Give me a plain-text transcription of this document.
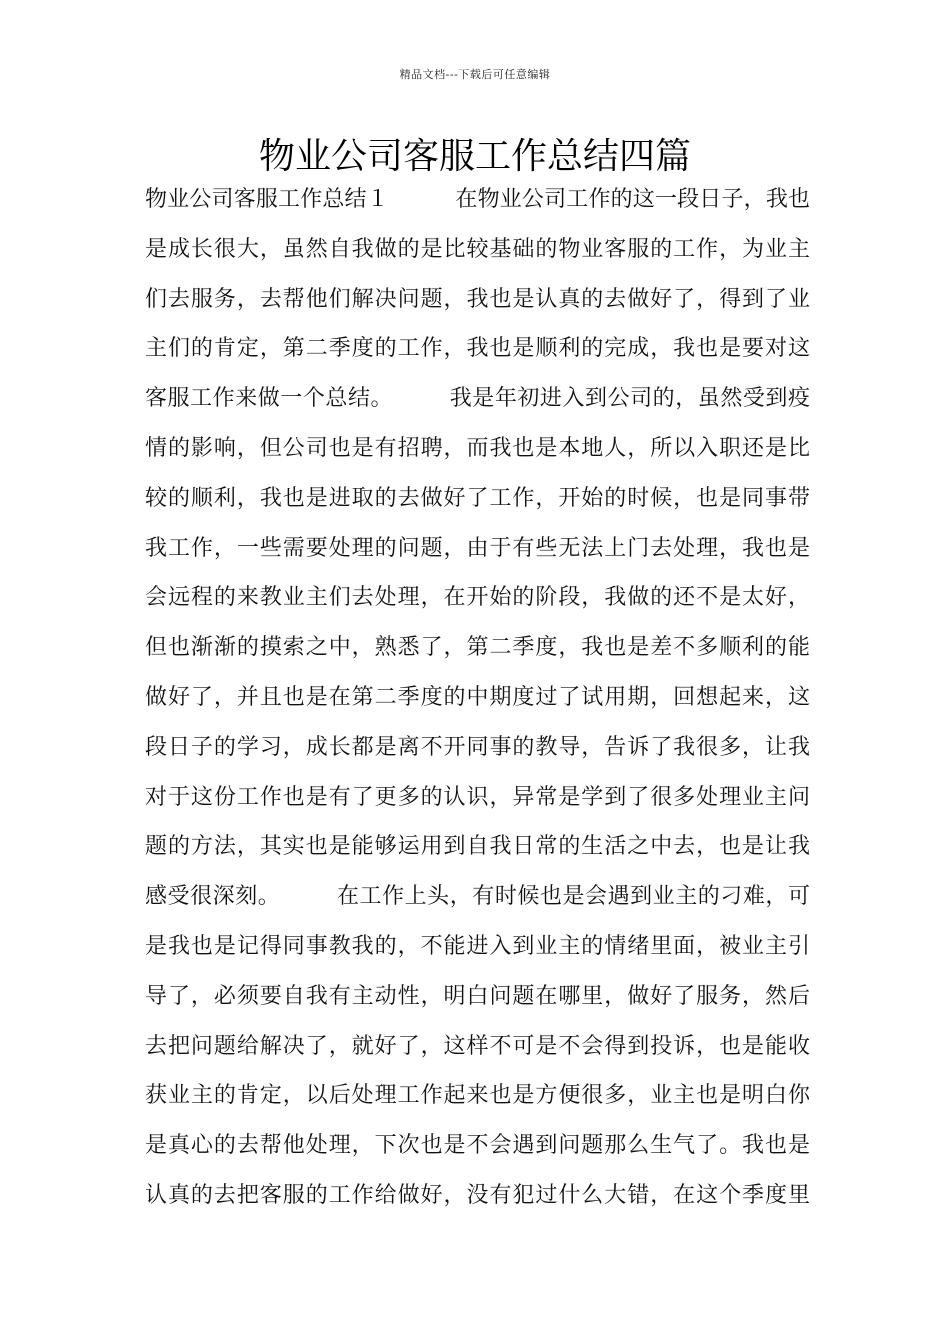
精品文档---下载后可任意编辑
物业公司客服工作总结四篇
物业公司客服工作总结１　　　在物业公司工作的这一段日子，我也
是成长很大，虽然自我做的是比较基础的物业客服的工作，为业主
们去服务，去帮他们解决问题，我也是认真的去做好了，得到了业
主们的肯定，第二季度的工作，我也是顺利的完成，我也是要对这
客服工作来做一个总结。　　　我是年初进入到公司的，虽然受到疫
情的影响，但公司也是有招聘，而我也是本地人，所以入职还是比
较的顺利，我也是进取的去做好了工作，开始的时候，也是同事带
我工作，一些需要处理的问题，由于有些无法上门去处理，我也是
会远程的来教业主们去处理，在开始的阶段，我做的还不是太好，
但也渐渐的摸索之中，熟悉了，第二季度，我也是差不多顺利的能
做好了，并且也是在第二季度的中期度过了试用期，回想起来，这
段日子的学习，成长都是离不开同事的教导，告诉了我很多，让我
对于这份工作也是有了更多的认识，异常是学到了很多处理业主问
题的方法，其实也是能够运用到自我日常的生活之中去，也是让我
感受很深刻。　　　在工作上头，有时候也是会遇到业主的刁难，可
是我也是记得同事教我的，不能进入到业主的情绪里面，被业主引
导了，必须要自我有主动性，明白问题在哪里，做好了服务，然后
去把问题给解决了，就好了，这样不可是不会得到投诉，也是能收
获业主的肯定，以后处理工作起来也是方便很多，业主也是明白你
是真心的去帮他处理，下次也是不会遇到问题那么生气了。我也是
认真的去把客服的工作给做好，没有犯过什么大错，在这个季度里
